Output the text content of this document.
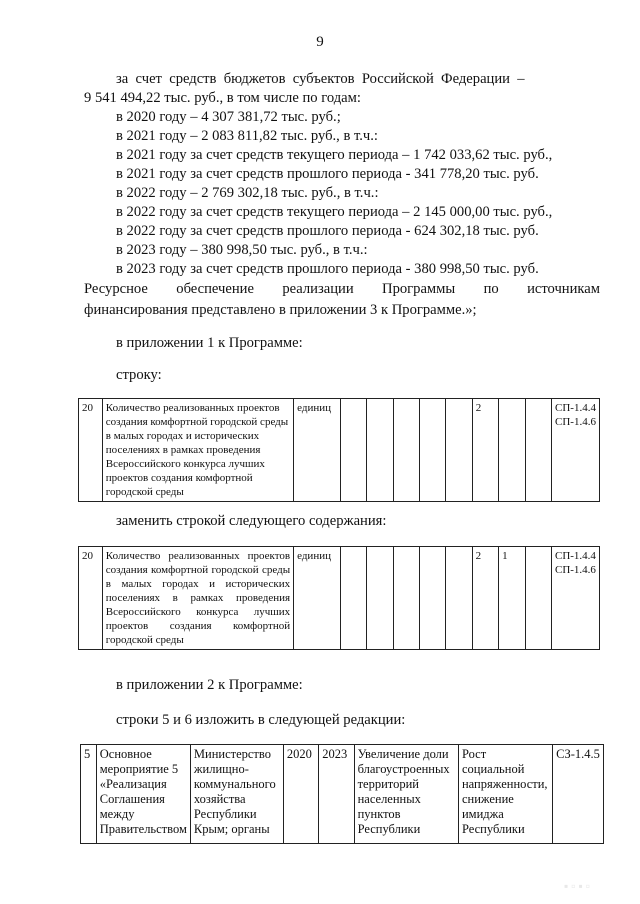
9
за  счет  средств  бюджетов  субъектов  Российской  Федерации  –
9 541 494,22 тыс. руб., в том числе по годам:
в 2020 году – 4 307 381,72 тыс. руб.;
в 2021 году – 2 083 811,82 тыс. руб., в т.ч.:
в 2021 году за счет средств текущего периода – 1 742 033,62 тыс. руб.,
в 2021 году за счет средств прошлого периода - 341 778,20 тыс. руб.
в 2022 году – 2 769 302,18 тыс. руб., в т.ч.:
в 2022 году за счет средств текущего периода – 2 145 000,00 тыс. руб.,
в 2022 году за счет средств прошлого периода - 624 302,18 тыс. руб.
в 2023 году – 380 998,50 тыс. руб., в т.ч.:
в 2023 году за счет средств прошлого периода - 380 998,50 тыс. руб.
Ресурсное обеспечение реализации Программы по источникам
финансирования представлено в приложении 3 к Программе.»;
в приложении 1 к Программе:
строку:
20	Количество реализованных проектов создания комфортной городской среды в малых городах и исторических поселениях в рамках проведения Всероссийского конкурса лучших проектов создания комфортной городской среды	единиц						2			СП-1.4.4 СП-1.4.6
заменить строкой следующего содержания:
20	Количество реализованных проектов создания комфортной городской среды в малых городах и исторических поселениях в рамках проведения Всероссийского конкурса лучших проектов создания комфортной городской среды	единиц						2	1		СП-1.4.4 СП-1.4.6
в приложении 2 к Программе:
строки 5 и 6 изложить в следующей редакции:
5	Основное мероприятие 5 «Реализация Соглашения между Правительством	Министерство жилищно-коммунального хозяйства Республики Крым; органы	2020	2023	Увеличение доли благоустроенных территорий населенных пунктов Республики	Рост социальной напряженности, снижение имиджа Республики	СЗ-1.4.5
▪ ▫ ▪ ▫
